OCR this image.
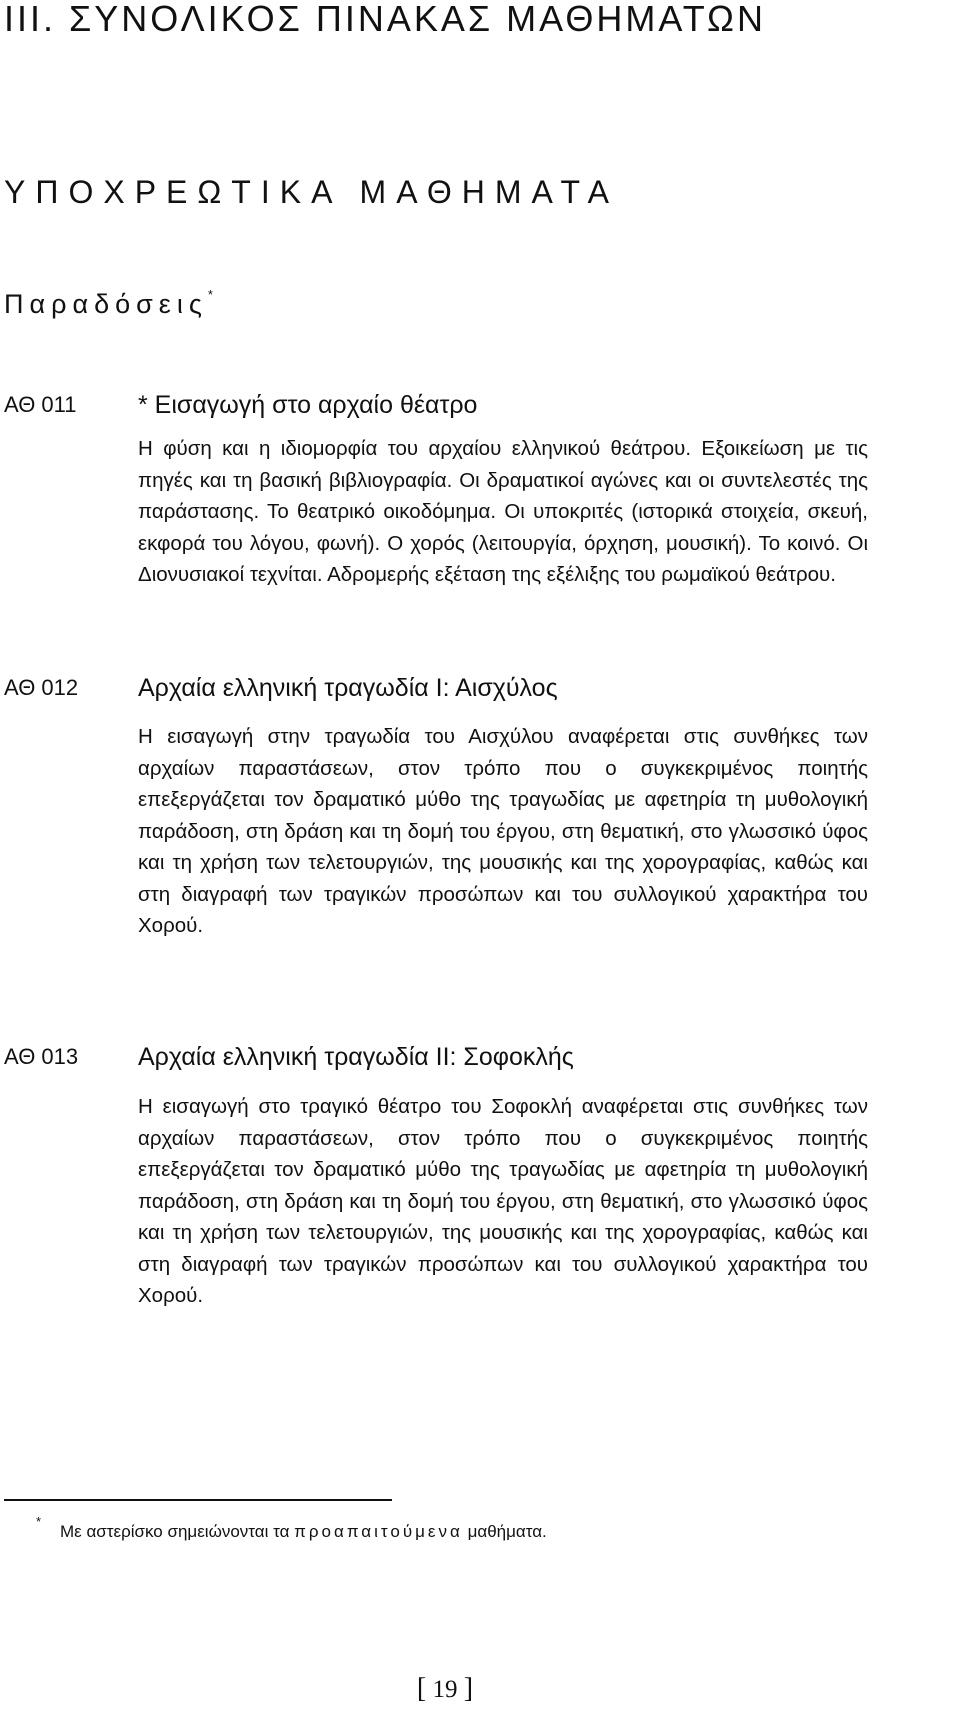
III. ΣΥΝΟΛΙΚΟΣ ΠΙΝΑΚΑΣ ΜΑΘΗΜΑΤΩΝ
ΥΠΟΧΡΕΩΤΙΚΑ ΜΑΘΗΜΑΤΑ
Παραδόσεις*
ΑΘ 011 * Εισαγωγή στο αρχαίο θέατρο

Η φύση και η ιδιομορφία του αρχαίου ελληνικού θεάτρου. Εξοικείωση με τις πηγές και τη βασική βιβλιογραφία. Οι δραματικοί αγώνες και οι συντελεστές της παράστασης. Το θεατρικό οικοδόμημα. Οι υποκριτές (ιστορικά στοιχεία, σκευή, εκφορά του λόγου, φωνή). Ο χορός (λειτουργία, όρχηση, μουσική). Το κοινό. Οι Διονυσιακοί τεχνίται. Αδρομερής εξέταση της εξέλιξης του ρωμαϊκού θεάτρου.

ΑΘ 012 Αρχαία ελληνική τραγωδία Ι: Αισχύλος

Η εισαγωγή στην τραγωδία του Αισχύλου αναφέρεται στις συνθήκες των αρχαίων παραστάσεων, στον τρόπο που ο συγκεκριμένος ποιητής επεξεργάζεται τον δραματικό μύθο της τραγωδίας με αφετηρία τη μυθολογική παράδοση, στη δράση και τη δομή του έργου, στη θεματική, στο γλωσσικό ύφος και τη χρήση των τελετουργιών, της μουσικής και της χορογραφίας, καθώς και στη διαγραφή των τραγικών προσώπων και του συλλογικού χαρακτήρα του Χορού.

ΑΘ 013 Αρχαία ελληνική τραγωδία ΙΙ: Σοφοκλής

Η εισαγωγή στο τραγικό θέατρο του Σοφοκλή αναφέρεται στις συνθήκες των αρχαίων παραστάσεων, στον τρόπο που ο συγκεκριμένος ποιητής επεξεργάζεται τον δραματικό μύθο της τραγωδίας με αφετηρία τη μυθολογική παράδοση, στη δράση και τη δομή του έργου, στη θεματική, στο γλωσσικό ύφος και τη χρήση των τελετουργιών, της μουσικής και της χορογραφίας, καθώς και στη διαγραφή των τραγικών προσώπων και του συλλογικού χαρακτήρα του Χορού.

*
Με αστερίσκο σημειώνονται τα προαπαιτούμενα μαθήματα.
[ 19 ]
